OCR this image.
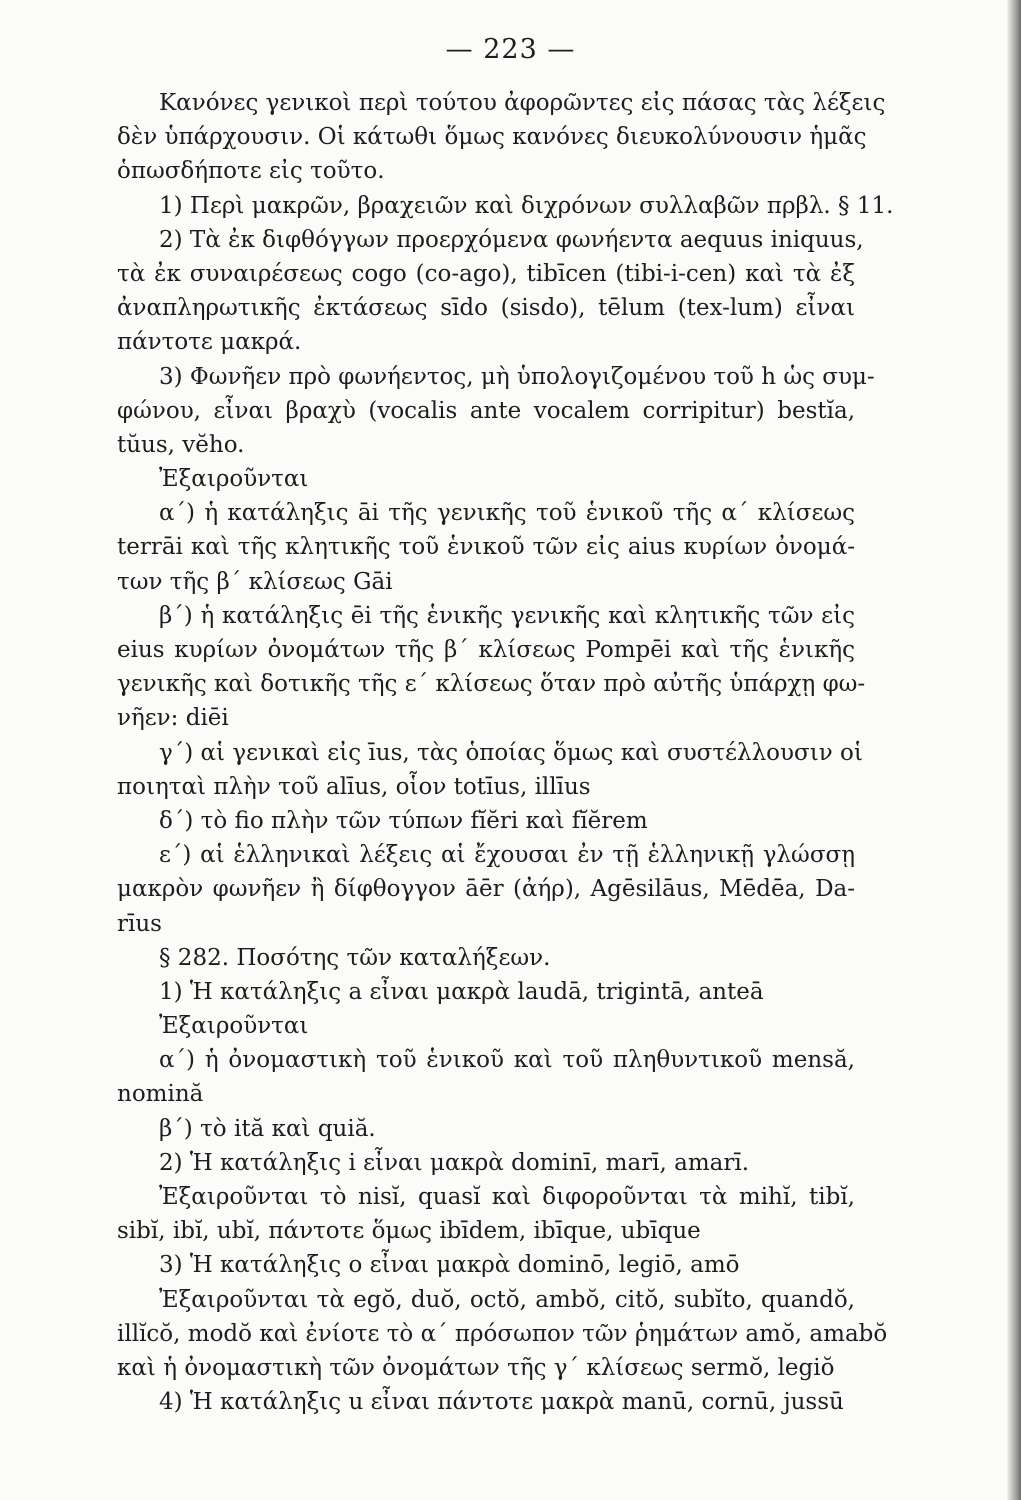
— 223 —
Κανόνες γενικοὶ περὶ τούτου ἀφορῶντες εἰς πάσας τὰς λέξεις
δὲν ὑπάρχουσιν. Οἱ κάτωθι ὅμως κανόνες διευκολύνουσιν ἡμᾶς
ὁπωσδήποτε εἰς τοῦτο.
1) Περὶ μακρῶν, βραχειῶν καὶ διχρόνων συλλαβῶν πρβλ. § 11.
2) Τὰ ἐκ διφθόγγων προερχόμενα φωνήεντα aequus iniquus,
τὰ ἐκ συναιρέσεως cogo (co-ago), tibīcen (tibi-i-cen) καὶ τὰ ἐξ
ἀναπληρωτικῆς ἐκτάσεως sīdo (sisdo), tēlum (tex-lum) εἶναι
πάντοτε μακρά.
3) Φωνῆεν πρὸ φωνήεντος, μὴ ὑπολογιζομένου τοῦ h ὡς συμ-
φώνου, εἶναι βραχὺ (vocalis ante vocalem corripitur) bestĭa,
tŭus, vĕho.
Ἐξαιροῦνται
α΄) ἡ κατάληξις āi τῆς γενικῆς τοῦ ἑνικοῦ τῆς α΄ κλίσεως
terrāi καὶ τῆς κλητικῆς τοῦ ἑνικοῦ τῶν εἰς aius κυρίων ὀνομά-
των τῆς β΄ κλίσεως Gāi
β΄) ἡ κατάληξις ēi τῆς ἑνικῆς γενικῆς καὶ κλητικῆς τῶν εἰς
eius κυρίων ὀνομάτων τῆς β΄ κλίσεως Pompēi καὶ τῆς ἑνικῆς
γενικῆς καὶ δοτικῆς τῆς ε΄ κλίσεως ὅταν πρὸ αὐτῆς ὑπάρχῃ φω-
νῆεν: diēi
γ΄) αἱ γενικαὶ εἰς īus, τὰς ὁποίας ὅμως καὶ συστέλλουσιν οἱ
ποιηταὶ πλὴν τοῦ alīus, οἷον totīus, illīus
δ΄) τὸ fio πλὴν τῶν τύπων fĭĕri καὶ fĭĕrem
ε΄) αἱ ἑλληνικαὶ λέξεις αἱ ἔχουσαι ἐν τῇ ἑλληνικῇ γλώσσῃ
μακρὸν φωνῆεν ἢ δίφθογγον āēr (ἀήρ), Agēsilāus, Mēdēa, Da-
rīus
§ 282. Ποσότης τῶν καταλήξεων.
1) Ἡ κατάληξις a εἶναι μακρὰ laudā, trigintā, anteā
Ἐξαιροῦνται
α΄) ἡ ὀνομαστικὴ τοῦ ἑνικοῦ καὶ τοῦ πληθυντικοῦ mensă,
nomină
β΄) τὸ ită καὶ quiă.
2) Ἡ κατάληξις i εἶναι μακρὰ dominī, marī, amarī.
Ἐξαιροῦνται τὸ nisĭ, quasĭ καὶ διφοροῦνται τὰ mihĭ, tibĭ,
sibĭ, ibĭ, ubĭ, πάντοτε ὅμως ibīdem, ibīque, ubīque
3) Ἡ κατάληξις o εἶναι μακρὰ dominō, legiō, amō
Ἐξαιροῦνται τὰ egŏ, duŏ, octŏ, ambŏ, citŏ, subĭto, quandŏ,
illĭcŏ, modŏ καὶ ἐνίοτε τὸ α΄ πρόσωπον τῶν ῥημάτων amŏ, amabŏ
καὶ ἡ ὀνομαστικὴ τῶν ὀνομάτων τῆς γ΄ κλίσεως sermŏ, legiŏ
4) Ἡ κατάληξις u εἶναι πάντοτε μακρὰ manū, cornū, jussū
